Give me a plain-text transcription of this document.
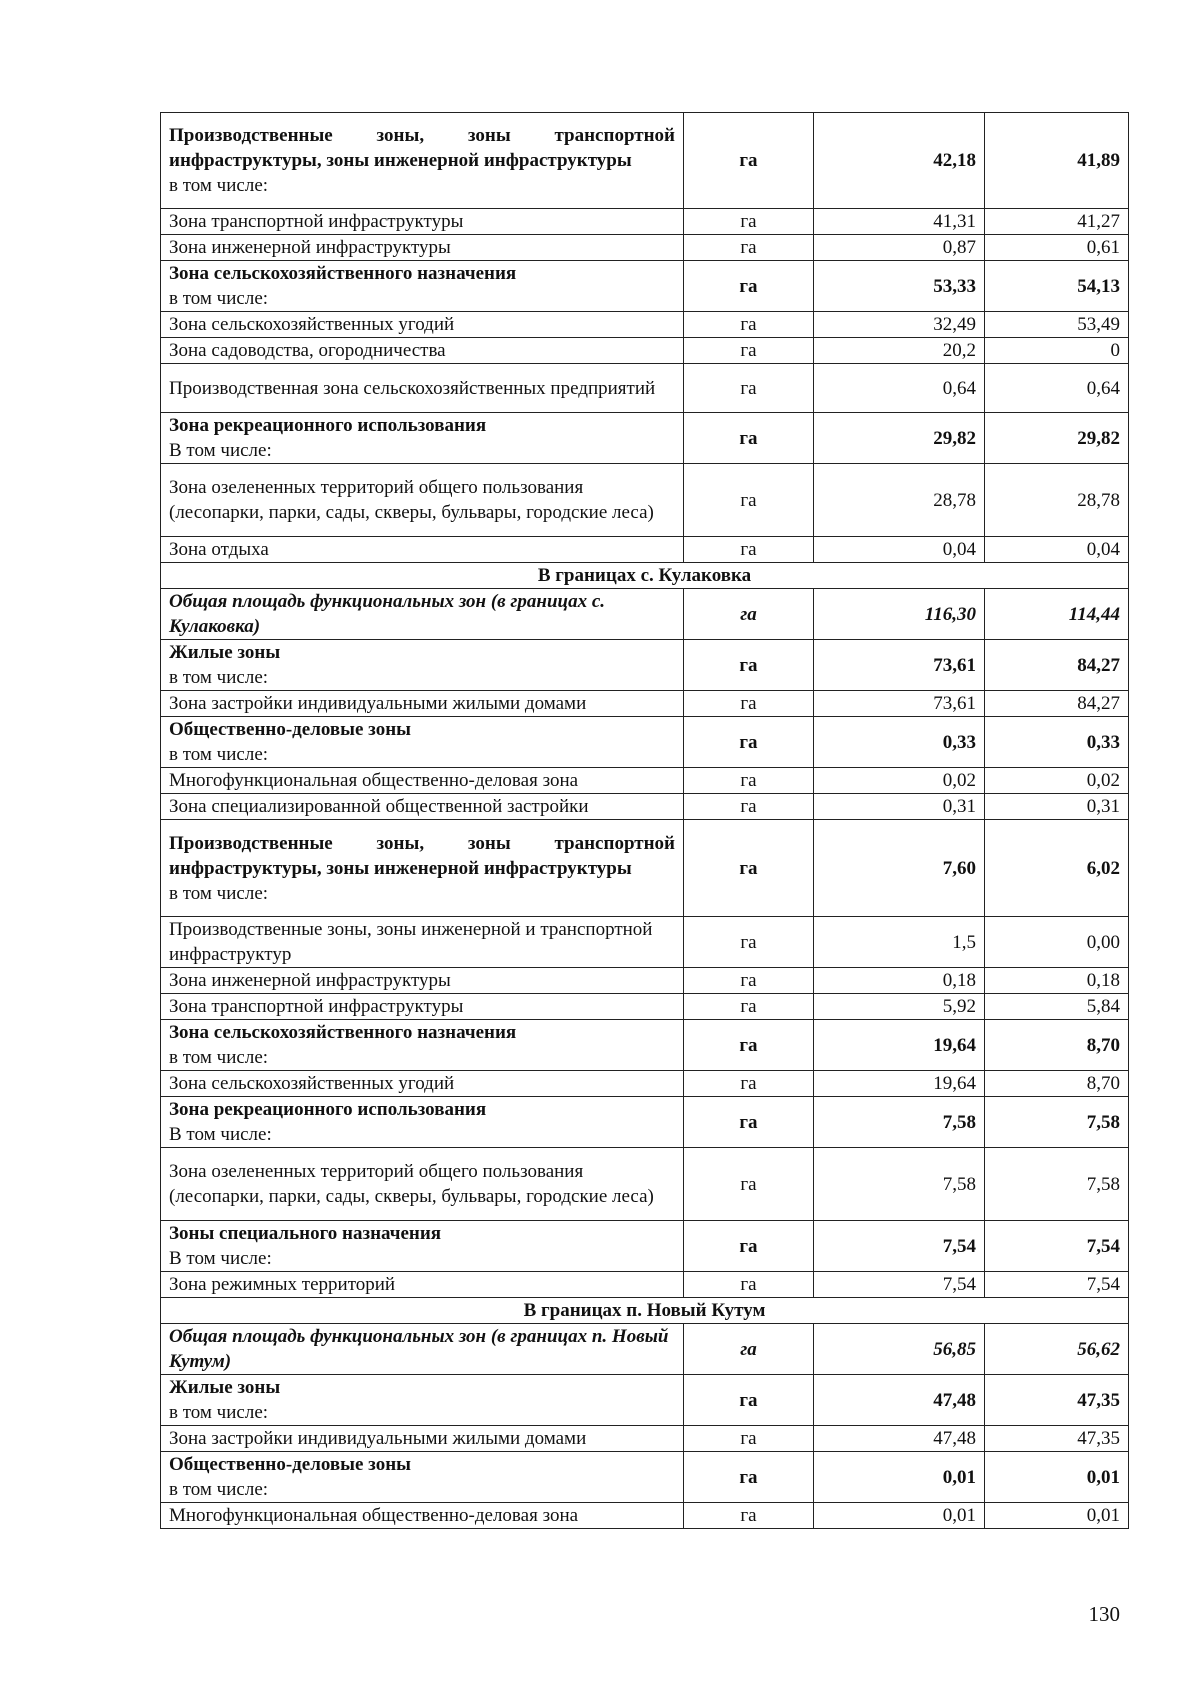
Производственные зоны, зоны транспортной инфраструктуры, зоны инженерной инфраструктуры
в том числе:	га	42,18	41,89
Зона транспортной инфраструктуры	га	41,31	41,27
Зона инженерной инфраструктуры	га	0,87	0,61

Зона сельскохозяйственного назначения
в том числе:	га	53,33	54,13
Зона сельскохозяйственных угодий	га	32,49	53,49
Зона садоводства, огородничества	га	20,2	0
Производственная зона сельскохозяйственных предприятий	га	0,64	0,64

Зона рекреационного использования
В том числе:	га	29,82	29,82
Зона озелененных территорий общего пользования (лесопарки, парки, сады, скверы, бульвары, городские леса)	га	28,78	28,78
Зона отдыха	га	0,04	0,04
В границах с. Кулаковка			
Общая площадь функциональных зон (в границах с. Кулаковка)	га	116,30	114,44

Жилые зоны
в том числе:	га	73,61	84,27
Зона застройки индивидуальными жилыми домами	га	73,61	84,27

Общественно-деловые зоны
в том числе:	га	0,33	0,33
Многофункциональная общественно-деловая зона	га	0,02	0,02
Зона специализированной общественной застройки	га	0,31	0,31

Производственные зоны, зоны транспортной инфраструктуры, зоны инженерной инфраструктуры
в том числе:	га	7,60	6,02
Производственные зоны, зоны инженерной и транспортной инфраструктур	га	1,5	0,00
Зона инженерной инфраструктуры	га	0,18	0,18
Зона транспортной инфраструктуры	га	5,92	5,84

Зона сельскохозяйственного назначения
в том числе:	га	19,64	8,70
Зона сельскохозяйственных угодий	га	19,64	8,70

Зона рекреационного использования
В том числе:	га	7,58	7,58
Зона озелененных территорий общего пользования (лесопарки, парки, сады, скверы, бульвары, городские леса)	га	7,58	7,58

Зоны специального назначения
В том числе:	га	7,54	7,54
Зона режимных территорий	га	7,54	7,54
В границах п. Новый Кутум			
Общая площадь функциональных зон (в границах п. Новый Кутум)	га	56,85	56,62

Жилые зоны
в том числе:	га	47,48	47,35
Зона застройки индивидуальными жилыми домами	га	47,48	47,35

Общественно-деловые зоны
в том числе:	га	0,01	0,01
Многофункциональная общественно-деловая зона	га	0,01	0,01
130
